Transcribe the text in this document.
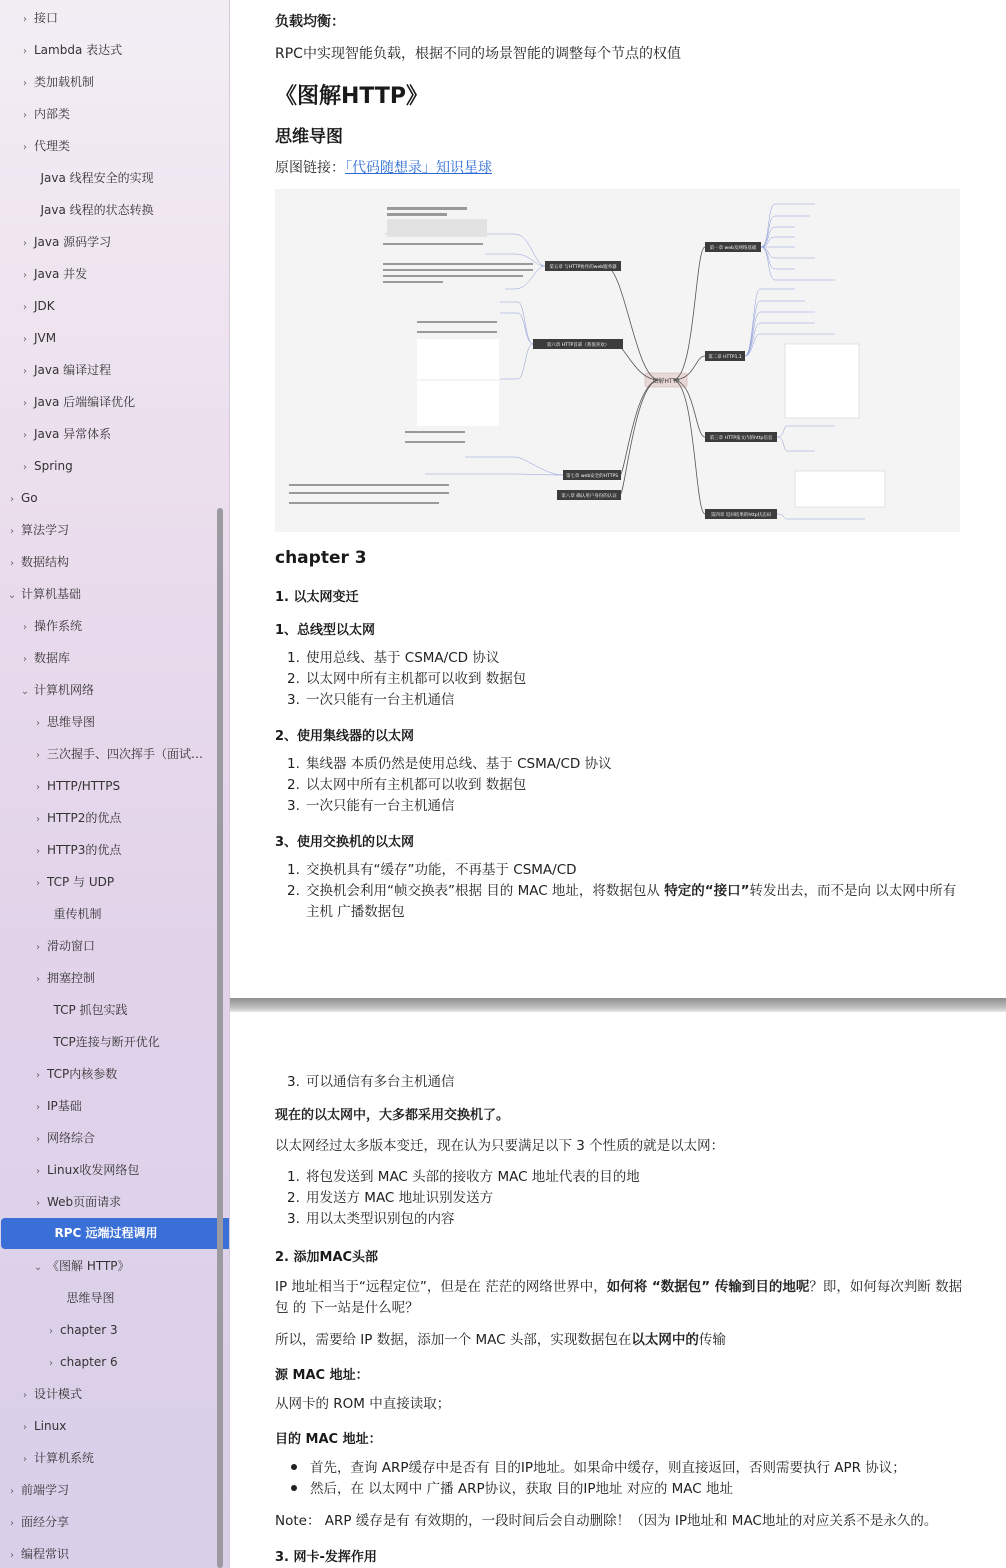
› 接口
› Lambda 表达式
› 类加载机制
› 内部类
› 代理类
Java 线程安全的实现
Java 线程的状态转换
› Java 源码学习
› Java 并发
› JDK
› JVM
› Java 编译过程
› Java 后端编译优化
› Java 异常体系
› Spring
› Go
› 算法学习
› 数据结构
⌄ 计算机基础
› 操作系统
› 数据库
⌄ 计算机网络
› 思维导图
› 三次握手、四次挥手（面试…
› HTTP/HTTPS
› HTTP2的优点
› HTTP3的优点
› TCP 与 UDP
重传机制
› 滑动窗口
› 拥塞控制
TCP 抓包实践
TCP连接与断开优化
› TCP内核参数
› IP基础
› 网络综合
› Linux收发网络包
› Web页面请求
RPC 远端过程调用
⌄ 《图解 HTTP》
思维导图
› chapter 3
› chapter 6
› 设计模式
› Linux
› 计算机系统
› 前端学习
› 面经分享
› 编程常识
负载均衡：
RPC中实现智能负载，根据不同的场景智能的调整每个节点的权值
《图解HTTP》
思维导图
原图链接：「代码随想录」知识星球
图解HTTP
第五章 与HTTP协作的web服务器
第六章 HTTP首部（我很喜欢）
第七章 web安全的HTTPS
第八章 确认用户身份的认证
第一章 web及网络基础
第二章 HTTP1.1
第三章 HTTP报文内的http信息
第四章 返回结果的http状态码
chapter 3
1. 以太网变迁
1、总线型以太网
1. 使用总线、基于 CSMA/CD 协议
2. 以太网中所有主机都可以收到 数据包
3. 一次只能有一台主机通信
2、使用集线器的以太网
1. 集线器 本质仍然是使用总线、基于 CSMA/CD 协议
2. 以太网中所有主机都可以收到 数据包
3. 一次只能有一台主机通信
3、使用交换机的以太网
1. 交换机具有“缓存”功能，不再基于 CSMA/CD
2. 交换机会利用“帧交换表”根据 目的 MAC 地址，将数据包从 特定的“接口”转发出去，而不是向 以太网中所有
主机 广播数据包
3. 可以通信有多台主机通信
现在的以太网中，大多都采用交换机了。
以太网经过太多版本变迁，现在认为只要满足以下 3 个性质的就是以太网：
1. 将包发送到 MAC 头部的接收方 MAC 地址代表的目的地
2. 用发送方 MAC 地址识别发送方
3. 用以太类型识别包的内容
2. 添加MAC头部
IP 地址相当于“远程定位”，但是在 茫茫的网络世界中，如何将 “数据包” 传输到目的地呢？即，如何每次判断 数据
包 的 下一站是什么呢？
所以，需要给 IP 数据，添加一个 MAC 头部，实现数据包在以太网中的传输
源 MAC 地址：
从网卡的 ROM 中直接读取；
目的 MAC 地址：
首先，查询 ARP缓存中是否有 目的IP地址。如果命中缓存，则直接返回，否则需要执行 APR 协议；
然后，在 以太网中 广播 ARP协议，获取 目的IP地址 对应的 MAC 地址
Note： ARP 缓存是有 有效期的，一段时间后会自动删除！（因为 IP地址和 MAC地址的对应关系不是永久的。
3. 网卡-发挥作用
